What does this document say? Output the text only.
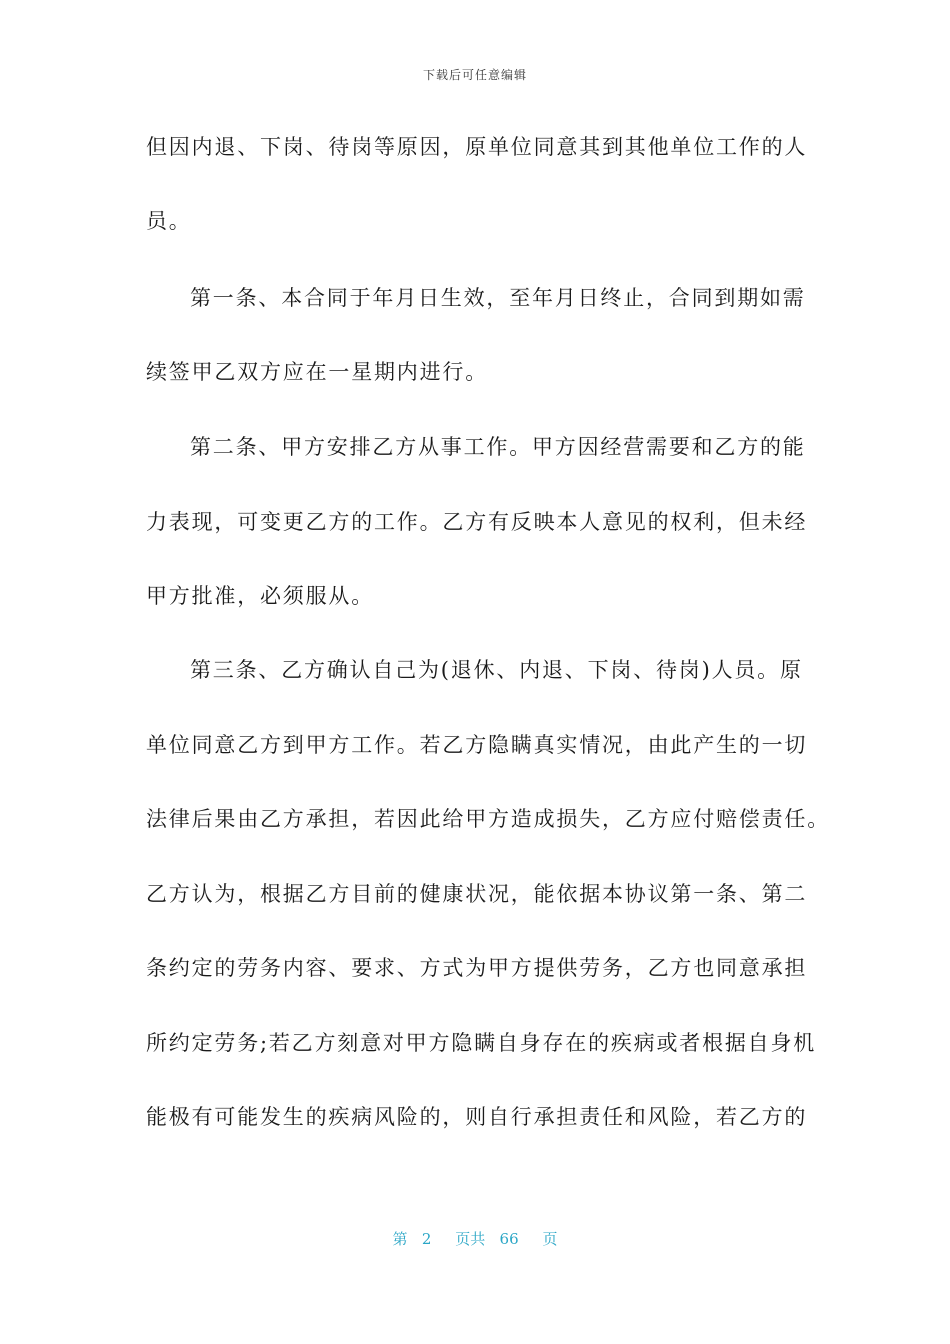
下载后可任意编辑
但因内退、下岗、待岗等原因，原单位同意其到其他单位工作的人
员。
第一条、本合同于年月日生效，至年月日终止，合同到期如需
续签甲乙双方应在一星期内进行。
第二条、甲方安排乙方从事工作。甲方因经营需要和乙方的能
力表现，可变更乙方的工作。乙方有反映本人意见的权利，但未经
甲方批准，必须服从。
第三条、乙方确认自己为(退休、内退、下岗、待岗)人员。原
单位同意乙方到甲方工作。若乙方隐瞒真实情况，由此产生的一切
法律后果由乙方承担，若因此给甲方造成损失，乙方应付赔偿责任。
乙方认为，根据乙方目前的健康状况，能依据本协议第一条、第二
条约定的劳务内容、要求、方式为甲方提供劳务，乙方也同意承担
所约定劳务;若乙方刻意对甲方隐瞒自身存在的疾病或者根据自身机
能极有可能发生的疾病风险的，则自行承担责任和风险，若乙方的
第 2 页共 66 页
